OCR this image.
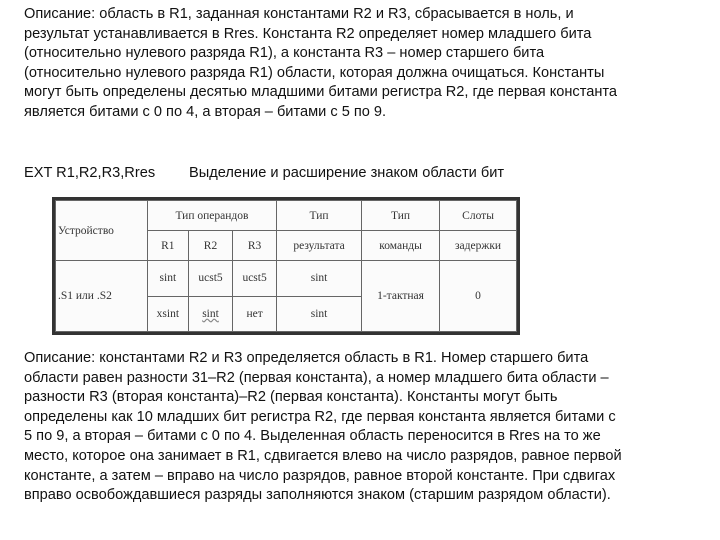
Описание: область в R1, заданная константами R2 и R3, сбрасывается в ноль, и
результат устанавливается в Rres. Константа R2 определяет номер младшего бита
(относительно нулевого разряда R1), а константа R3 – номер старшего бита
(относительно нулевого разряда R1) области, которая должна очищаться. Константы
могут быть определены десятью младшими битами регистра R2, где первая константа
является битами с 0 по 4, а вторая – битами с 5 по 9.
EXT R1,R2,R3,Rres Выделение и расширение знаком области бит
Устройство	Тип операндов			Тип	Тип	Слоты
	R1	R2	R3	результата	команды	задержки
.S1 или .S2	sint	ucst5	ucst5	sint	1-тактная	0
	xsint	sint	нет	sint		
Описание: константами R2 и R3 определяется область в R1. Номер старшего бита
области равен разности 31–R2 (первая константа), а номер младшего бита области –
разности R3 (вторая константа)–R2 (первая константа). Константы могут быть
определены как 10 младших бит регистра R2, где первая константа является битами с
5 по 9, а вторая – битами с 0 по 4. Выделенная область переносится в Rres на то же
место, которое она занимает в R1, сдвигается влево на число разрядов, равное первой
константе, а затем – вправо на число разрядов, равное второй константе. При сдвигах
вправо освобождавшиеся разряды заполняются знаком (старшим разрядом области).
